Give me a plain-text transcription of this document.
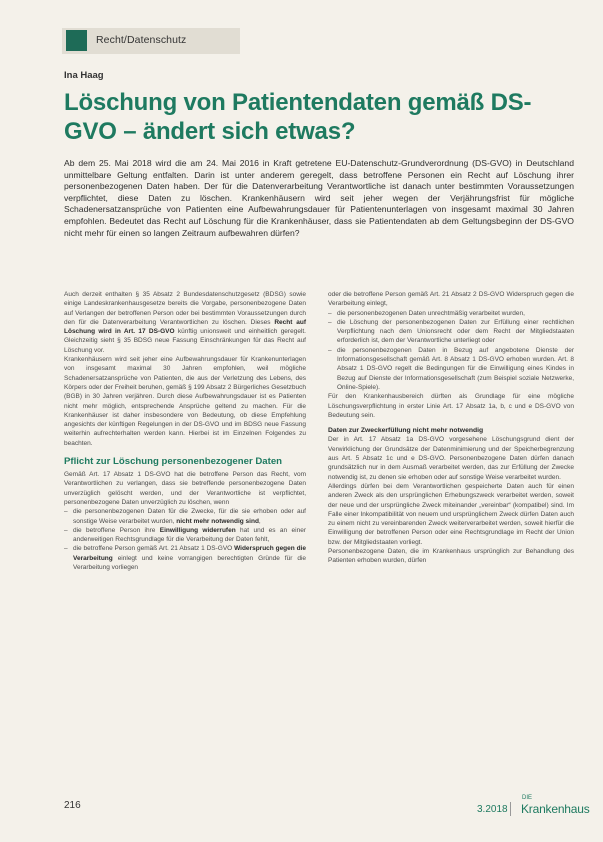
Recht/Datenschutz
Ina Haag
Löschung von Patientendaten gemäß DS-GVO – ändert sich etwas?
Ab dem 25. Mai 2018 wird die am 24. Mai 2016 in Kraft getretene EU-Datenschutz-Grundverordnung (DS-GVO) in Deutschland unmittelbare Geltung entfalten. Darin ist unter anderem geregelt, dass betroffene Personen ein Recht auf Löschung ihrer personenbezogenen Daten haben. Der für die Datenverarbeitung Verantwortliche ist danach unter bestimmten Voraussetzungen verpflichtet, diese Daten zu löschen. Krankenhäusern wird seit jeher wegen der Verjährungsfrist für mögliche Schadenersatzansprüche von Patienten eine Aufbewahrungsdauer für Patientenunterlagen von insgesamt maximal 30 Jahren empfohlen. Bedeutet das Recht auf Löschung für die Krankenhäuser, dass sie Patientendaten ab dem Geltungsbeginn der DS-GVO nicht mehr für einen so langen Zeitraum aufbewahren dürfen?

Auch derzeit enthalten § 35 Absatz 2 Bundesdatenschutzgesetz (BDSG) sowie einige Landeskrankenhausgesetze bereits die Vorgabe, personenbezogene Daten auf Verlangen der betroffenen Person oder bei bestimmten Voraussetzungen durch den für die Datenverarbeitung Verantwortlichen zu löschen. Dieses Recht auf Löschung wird in Art. 17 DS-GVO künftig unionsweit und einheitlich geregelt. Gleichzeitig sieht § 35 BDSG neue Fassung Einschränkungen für das Recht auf Löschung vor.

Krankenhäusern wird seit jeher eine Aufbewahrungsdauer für Krankenunterlagen von insgesamt maximal 30 Jahren empfohlen, weil mögliche Schadenersatzansprüche von Patienten, die aus der Verletzung des Lebens, des Körpers oder der Freiheit beruhen, gemäß § 199 Absatz 2 Bürgerliches Gesetzbuch (BGB) in 30 Jahren verjähren. Durch diese Aufbewahrungsdauer ist es Patienten nicht mehr möglich, entsprechende Ansprüche geltend zu machen. Für die Krankenhäuser ist daher insbesondere von Bedeutung, ob diese Empfehlung angesichts der künftigen Regelungen in der DS-GVO und im BDSG neue Fassung weiterhin aufrechterhalten werden kann. Hierbei ist im Einzelnen Folgendes zu beachten.

Pflicht zur Löschung personenbezogener Daten

Gemäß Art. 17 Absatz 1 DS-GVO hat die betroffene Person das Recht, vom Verantwortlichen zu verlangen, dass sie betreffende personenbezogene Daten unverzüglich gelöscht werden, und der Verantwortliche ist verpflichtet, personenbezogene Daten unverzüglich zu löschen, wenn

– die personenbezogenen Daten für die Zwecke, für die sie erhoben oder auf sonstige Weise verarbeitet wurden, nicht mehr notwendig sind,
– die betroffene Person ihre Einwilligung widerrufen hat und es an einer anderweitigen Rechtsgrundlage für die Verarbeitung der Daten fehlt,
– die betroffene Person gemäß Art. 21 Absatz 1 DS-GVO Widerspruch gegen die Verarbeitung einlegt und keine vorrangigen berechtigten Gründe für die Verarbeitung vorliegen

oder die betroffene Person gemäß Art. 21 Absatz 2 DS-GVO Widerspruch gegen die Verarbeitung einlegt,

– die personenbezogenen Daten unrechtmäßig verarbeitet wurden,
– die Löschung der personenbezogenen Daten zur Erfüllung einer rechtlichen Verpflichtung nach dem Unionsrecht oder dem Recht der Mitgliedstaaten erforderlich ist, dem der Verantwortliche unterliegt oder
– die personenbezogenen Daten in Bezug auf angebotene Dienste der Informationsgesellschaft gemäß Art. 8 Absatz 1 DS-GVO erhoben wurden. Art. 8 Absatz 1 DS-GVO regelt die Bedingungen für die Einwilligung eines Kindes in Bezug auf Dienste der Informationsgesellschaft (zum Beispiel soziale Netzwerke, Online-Spiele).

Für den Krankenhausbereich dürften als Grundlage für eine mögliche Löschungsverpflichtung in erster Linie Art. 17 Absatz 1a, b, c und e DS-GVO von Bedeutung sein.

Daten zur Zweckerfüllung nicht mehr notwendig

Der in Art. 17 Absatz 1a DS-GVO vorgesehene Löschungsgrund dient der Verwirklichung der Grundsätze der Datenminimierung und der Speicherbegrenzung aus Art. 5 Absatz 1c und e DS-GVO. Personenbezogene Daten dürfen danach grundsätzlich nur in dem Ausmaß verarbeitet werden, das zur Erfüllung der Zwecke notwendig ist, zu denen sie erhoben oder auf sonstige Weise verarbeitet wurden.

Allerdings dürfen bei dem Verantwortlichen gespeicherte Daten auch für einen anderen Zweck als den ursprünglichen Erhebungszweck verarbeitet werden, soweit der neue und der ursprüngliche Zweck miteinander „vereinbar“ (kompatibel) sind. Im Falle einer Inkompatibilität von neuem und ursprünglichem Zweck dürfen Daten auch zu einem nicht zu vereinbarenden Zweck weiterverarbeitet werden, soweit hierfür die Einwilligung der betroffenen Person oder eine Rechtsgrundlage im Recht der Union bzw. der Mitgliedstaaten vorliegt.

Personenbezogene Daten, die im Krankenhaus ursprünglich zur Behandlung des Patienten erhoben wurden, dürfen

216	3.2018
DIE
Krankenhaus
